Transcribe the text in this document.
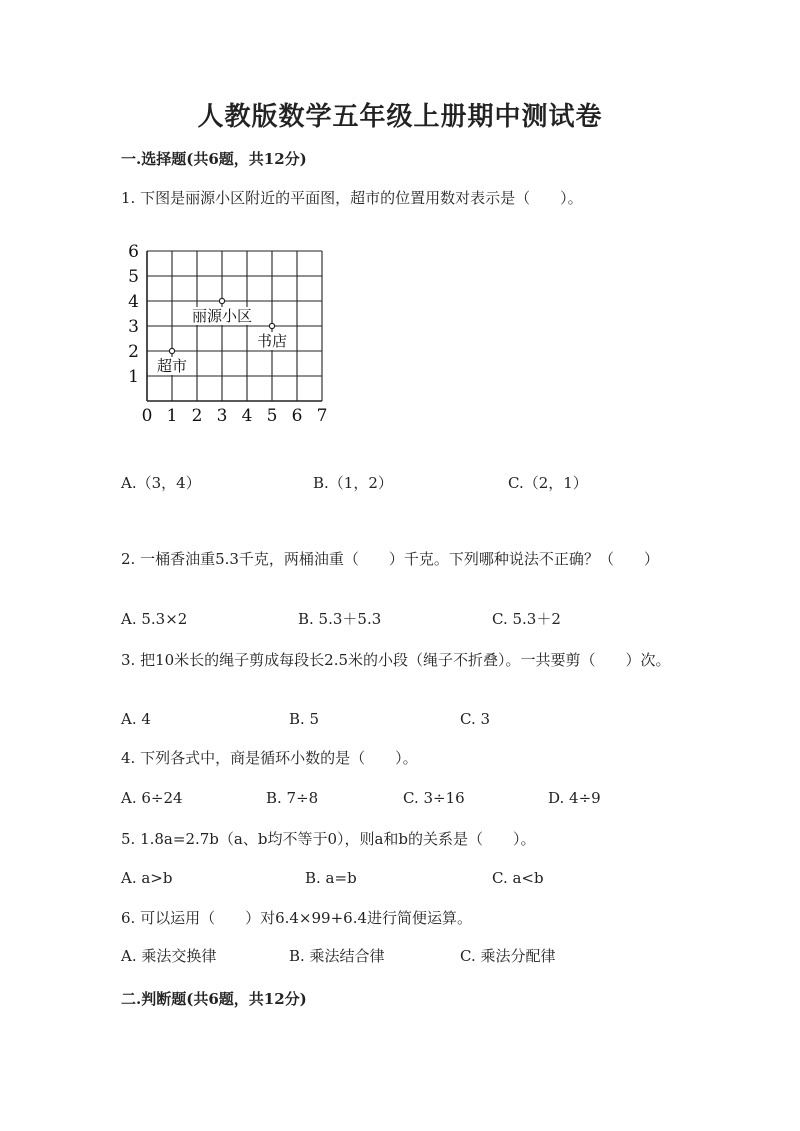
人教版数学五年级上册期中测试卷
一.选择题(共6题，共12分)
1. 下图是丽源小区附近的平面图，超市的位置用数对表示是（　　）。
0 1 2 3 4 5 6 7
1
2
3
4
5
6
丽源小区
书店
超市
A.（3，4）	B.（1，2）	C.（2，1）
2. 一桶香油重5.3千克，两桶油重（　　）千克。下列哪种说法不正确？（　　）
A. 5.3×2	B. 5.3＋5.3	C. 5.3＋2
3. 把10米长的绳子剪成每段长2.5米的小段（绳子不折叠）。一共要剪（　　）次。
A. 4	B. 5	C. 3
4. 下列各式中，商是循环小数的是（　　）。
A. 6÷24	B. 7÷8	C. 3÷16	D. 4÷9
5. 1.8a=2.7b（a、b均不等于0），则a和b的关系是（　　）。
A. a>b	B. a=b	C. a<b
6. 可以运用（　　）对6.4×99+6.4进行简便运算。
A. 乘法交换律	B. 乘法结合律	C. 乘法分配律
二.判断题(共6题，共12分)
